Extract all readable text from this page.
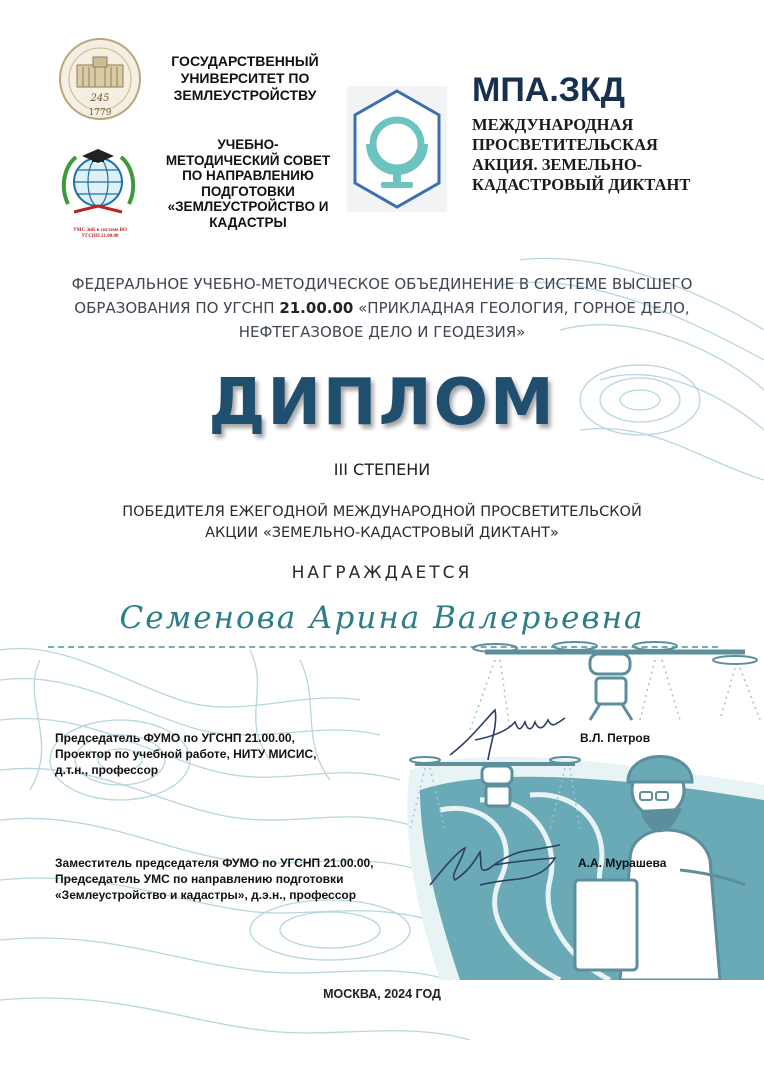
245
1779
УМС ЗиК в системе ВО
УГСНП 21.00.00
ГОСУДАРСТВЕННЫЙ
УНИВЕРСИТЕТ ПО
ЗЕМЛЕУСТРОЙСТВУ
УЧЕБНО-
МЕТОДИЧЕСКИЙ СОВЕТ
ПО НАПРАВЛЕНИЮ
ПОДГОТОВКИ
«ЗЕМЛЕУСТРОЙСТВО И
КАДАСТРЫ
МПА.ЗКД
МЕЖДУНАРОДНАЯ
ПРОСВЕТИТЕЛЬСКАЯ
АКЦИЯ. ЗЕМЕЛЬНО-
КАДАСТРОВЫЙ ДИКТАНТ
ФЕДЕРАЛЬНОЕ УЧЕБНО-МЕТОДИЧЕСКОЕ ОБЪЕДИНЕНИЕ В СИСТЕМЕ ВЫСШЕГО
ОБРАЗОВАНИЯ ПО УГСНП 21.00.00 «ПРИКЛАДНАЯ ГЕОЛОГИЯ, ГОРНОЕ ДЕЛО,
НЕФТЕГАЗОВОЕ ДЕЛО И ГЕОДЕЗИЯ»
ДИПЛОМ
III СТЕПЕНИ
ПОБЕДИТЕЛЯ ЕЖЕГОДНОЙ МЕЖДУНАРОДНОЙ ПРОСВЕТИТЕЛЬСКОЙ
АКЦИИ «ЗЕМЕЛЬНО-КАДАСТРОВЫЙ ДИКТАНТ»
НАГРАЖДАЕТСЯ
Семенова Арина Валерьевна
Председатель ФУМО по УГСНП 21.00.00,
Проектор по учебной работе, НИТУ МИСИС,
д.т.н., профессор
В.Л. Петров
Заместитель председателя ФУМО по УГСНП 21.00.00,
Председатель УМС по направлению подготовки
«Землеустройство и кадастры», д.э.н., профессор
А.А. Мурашева
МОСКВА, 2024 ГОД
